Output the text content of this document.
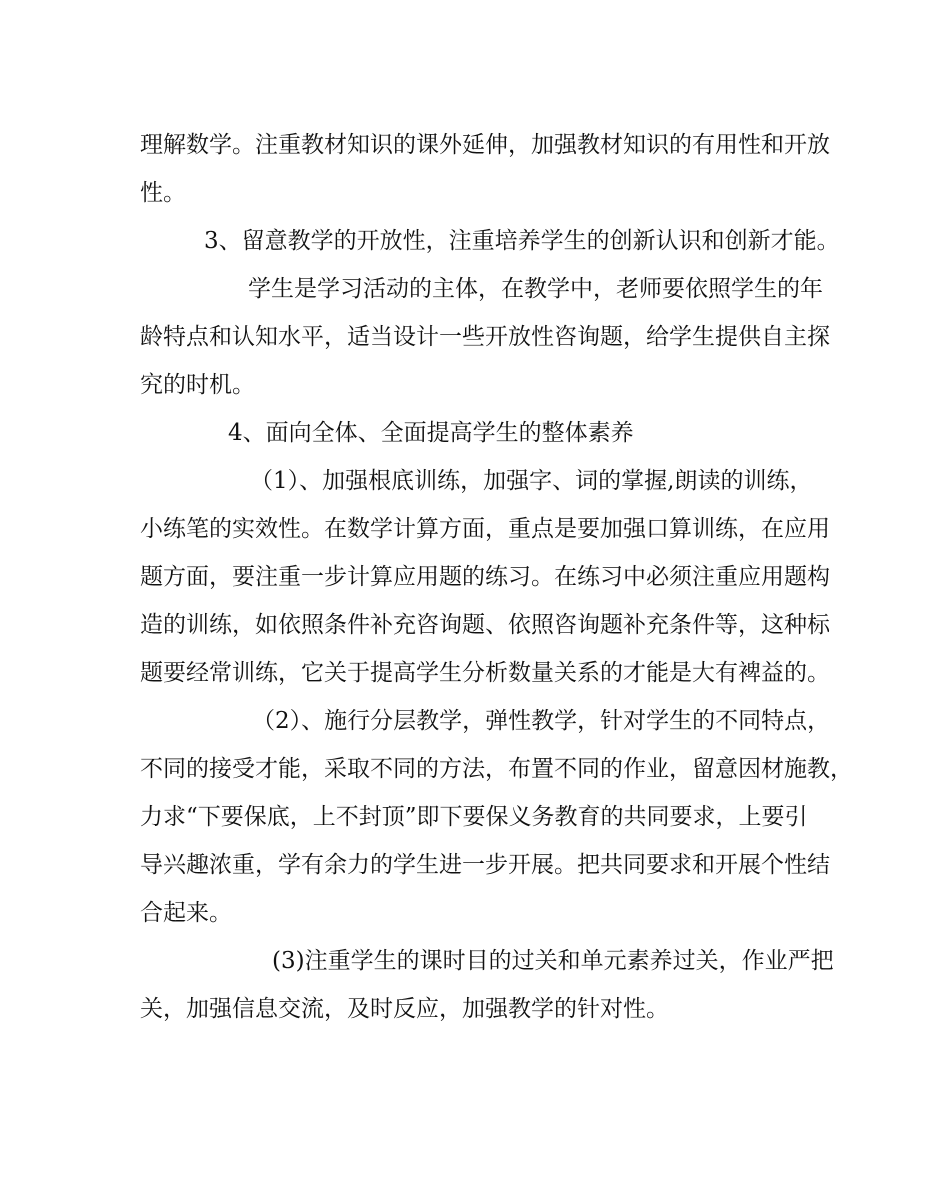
理解数学。注重教材知识的课外延伸，加强教材知识的有用性和开放
性。
3、留意教学的开放性，注重培养学生的创新认识和创新才能。
学生是学习活动的主体，在教学中，老师要依照学生的年
龄特点和认知水平，适当设计一些开放性咨询题，给学生提供自主探
究的时机。
4、面向全体、全面提高学生的整体素养
（1）、加强根底训练，加强字、词的掌握,朗读的训练，
小练笔的实效性。在数学计算方面，重点是要加强口算训练，在应用
题方面，要注重一步计算应用题的练习。在练习中必须注重应用题构
造的训练，如依照条件补充咨询题、依照咨询题补充条件等，这种标
题要经常训练，它关于提高学生分析数量关系的才能是大有裨益的。
（2）、施行分层教学，弹性教学，针对学生的不同特点，
不同的接受才能，采取不同的方法，布置不同的作业，留意因材施教，
力求“下要保底，上不封顶”即下要保义务教育的共同要求，上要引
导兴趣浓重，学有余力的学生进一步开展。把共同要求和开展个性结
合起来。
(3)注重学生的课时目的过关和单元素养过关，作业严把
关，加强信息交流，及时反应，加强教学的针对性。
